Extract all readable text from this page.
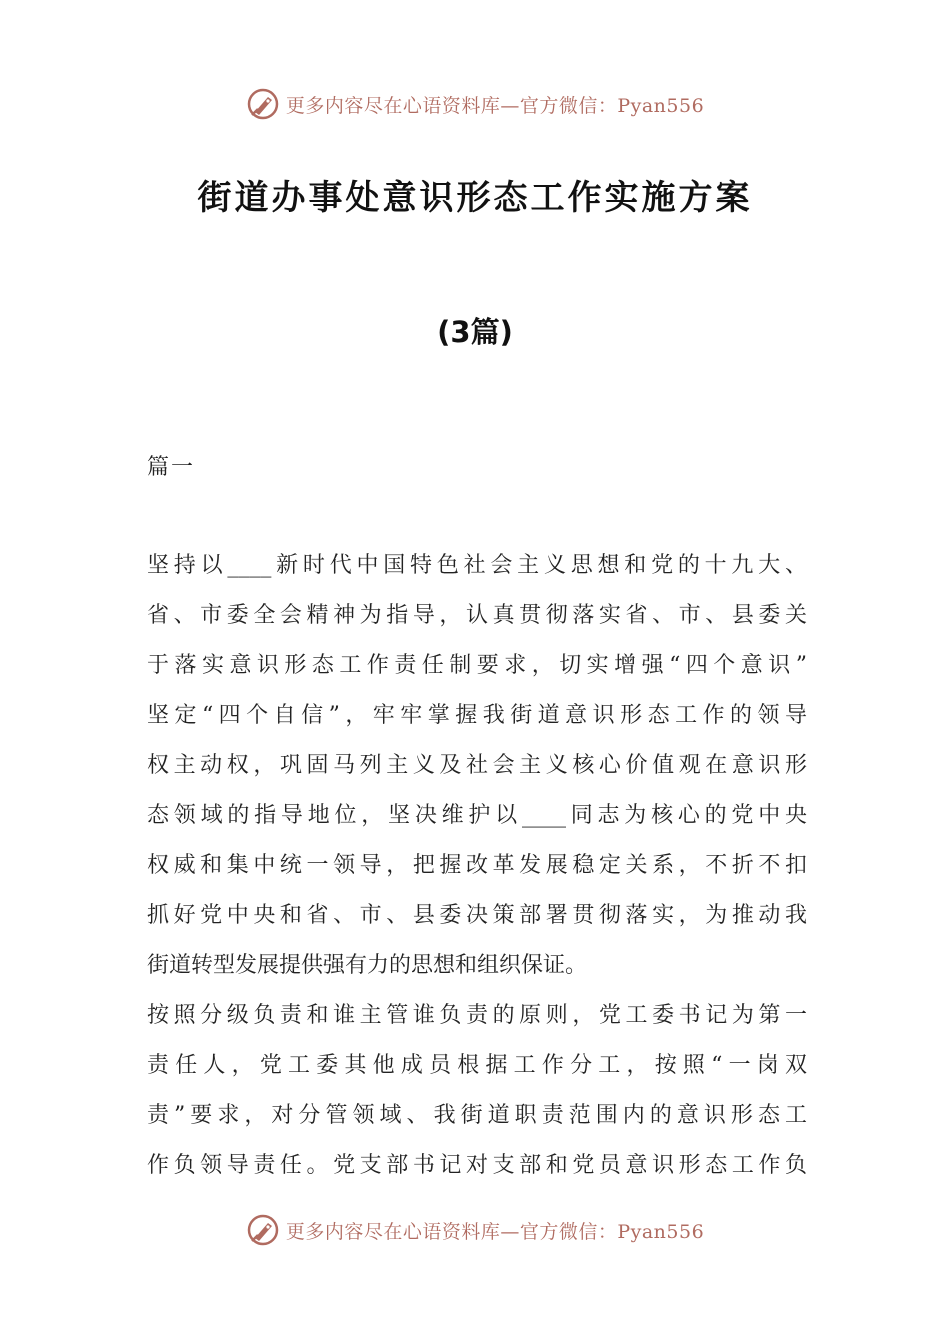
更多内容尽在心语资料库—官方微信：Pyan556
街道办事处意识形态工作实施方案
(3篇)
篇一
坚持以____新时代中国特色社会主义思想和党的十九大、
省、市委全会精神为指导，认真贯彻落实省、市、县委关
于落实意识形态工作责任制要求，切实增强“四个意识”
坚定“四个自信”，牢牢掌握我街道意识形态工作的领导
权主动权，巩固马列主义及社会主义核心价值观在意识形
态领域的指导地位，坚决维护以____同志为核心的党中央
权威和集中统一领导，把握改革发展稳定关系，不折不扣
抓好党中央和省、市、县委决策部署贯彻落实，为推动我
街道转型发展提供强有力的思想和组织保证。
按照分级负责和谁主管谁负责的原则，党工委书记为第一
责任人，党工委其他成员根据工作分工，按照“一岗双
责”要求，对分管领域、我街道职责范围内的意识形态工
作负领导责任。党支部书记对支部和党员意识形态工作负
更多内容尽在心语资料库—官方微信：Pyan556
